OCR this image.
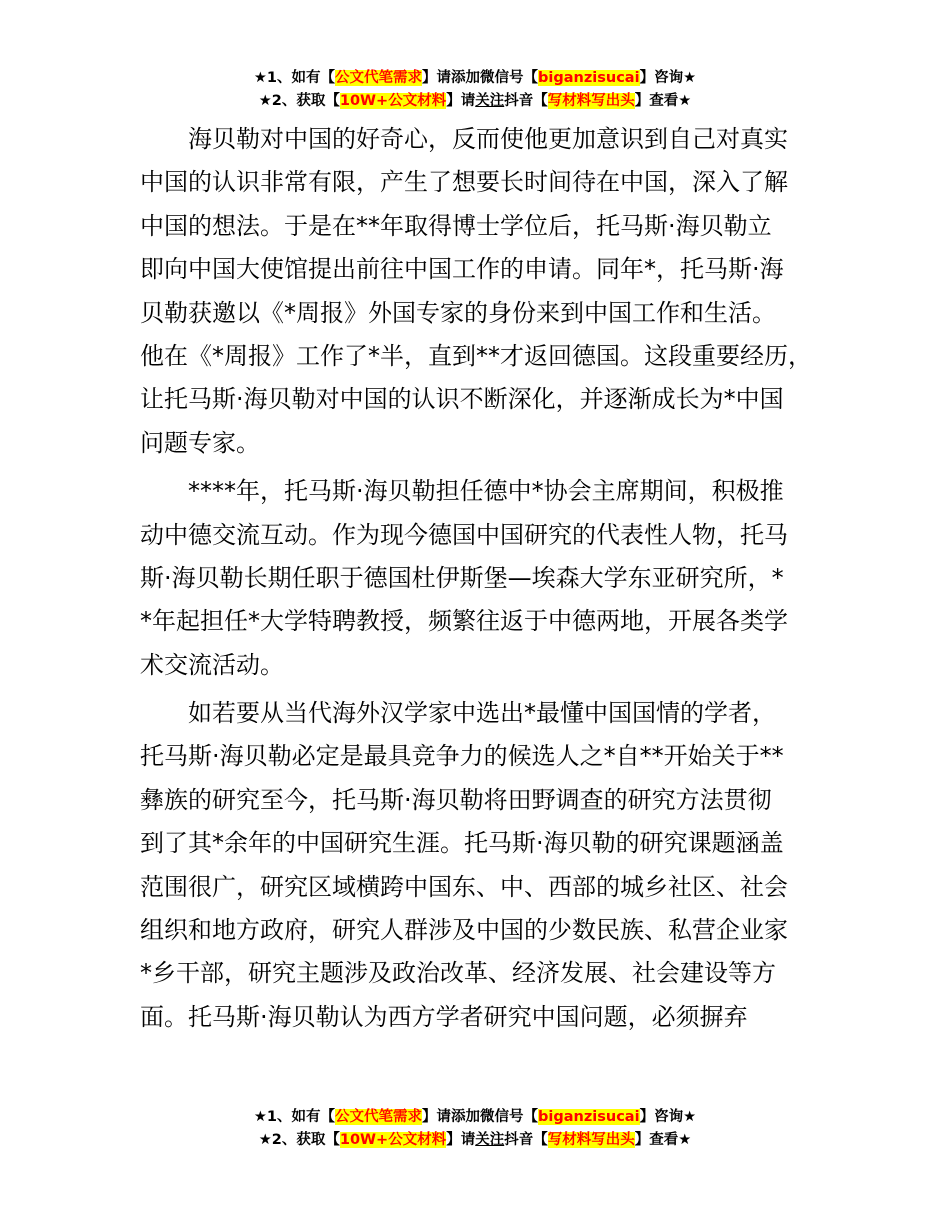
★1、如有【公文代笔需求】请添加微信号【biganzisucai】咨询★
★2、获取【10W+公文材料】请关注抖音【写材料写出头】查看★
　　海贝勒对中国的好奇心，反而使他更加意识到自己对真实
中国的认识非常有限，产生了想要长时间待在中国，深入了解
中国的想法。于是在**年取得博士学位后，托马斯·海贝勒立
即向中国大使馆提出前往中国工作的申请。同年*，托马斯·海
贝勒获邀以《*周报》外国专家的身份来到中国工作和生活。
他在《*周报》工作了*半，直到**才返回德国。这段重要经历，
让托马斯·海贝勒对中国的认识不断深化，并逐渐成长为*中国
问题专家。
　　****年，托马斯·海贝勒担任德中*协会主席期间，积极推
动中德交流互动。作为现今德国中国研究的代表性人物，托马
斯·海贝勒长期任职于德国杜伊斯堡—埃森大学东亚研究所，*
*年起担任*大学特聘教授，频繁往返于中德两地，开展各类学
术交流活动。
　　如若要从当代海外汉学家中选出*最懂中国国情的学者，
托马斯·海贝勒必定是最具竞争力的候选人之*自**开始关于**
彝族的研究至今，托马斯·海贝勒将田野调查的研究方法贯彻
到了其*余年的中国研究生涯。托马斯·海贝勒的研究课题涵盖
范围很广，研究区域横跨中国东、中、西部的城乡社区、社会
组织和地方政府，研究人群涉及中国的少数民族、私营企业家
*乡干部，研究主题涉及政治改革、经济发展、社会建设等方
面。托马斯·海贝勒认为西方学者研究中国问题，必须摒弃
★1、如有【公文代笔需求】请添加微信号【biganzisucai】咨询★
★2、获取【10W+公文材料】请关注抖音【写材料写出头】查看★
